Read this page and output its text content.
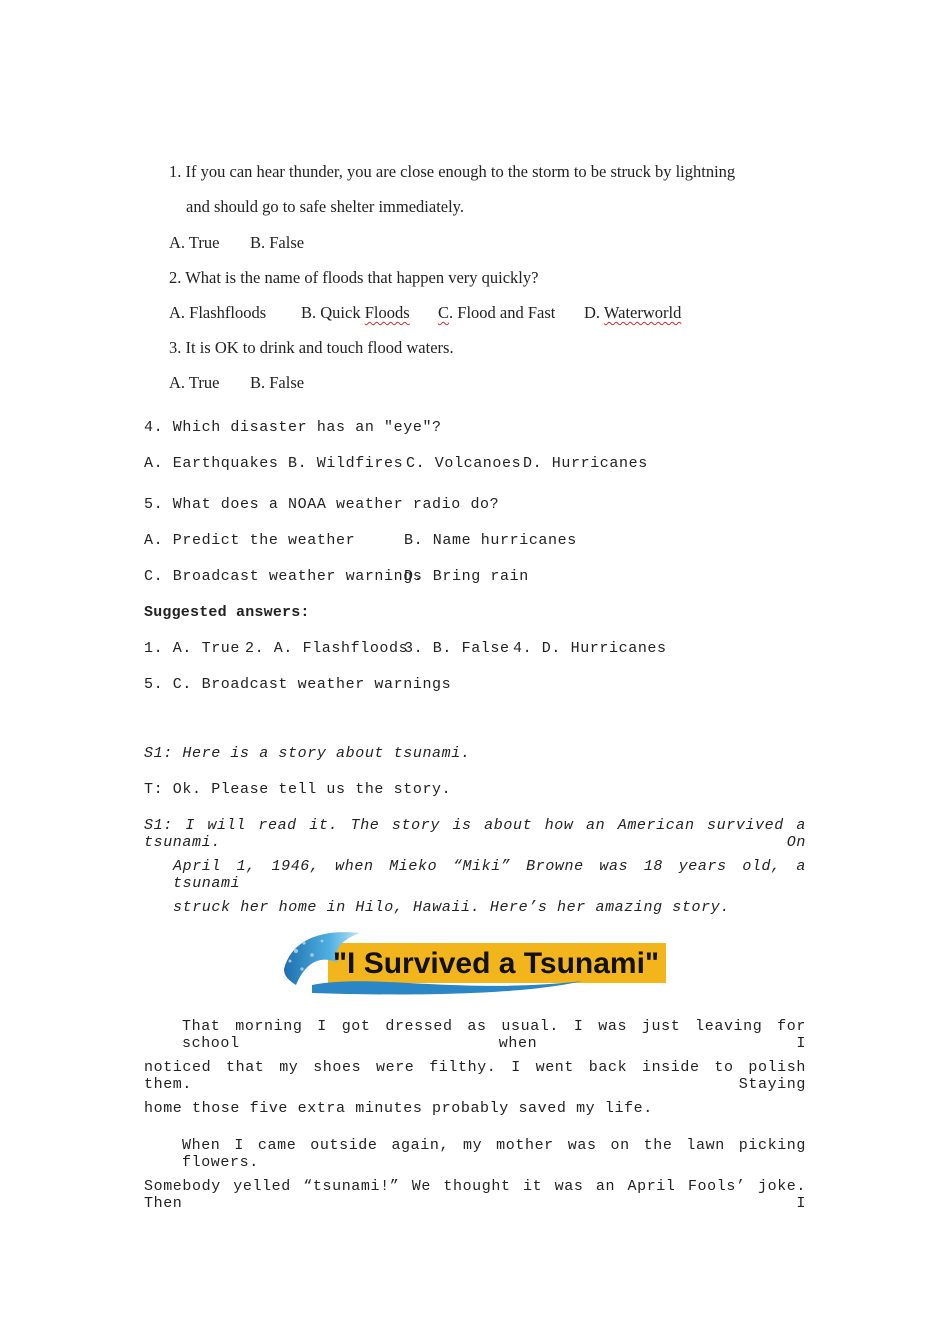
1. If you can hear thunder, you are close enough to the storm to be struck by lightning
and should go to safe shelter immediately.
A. True B. False
2. What is the name of floods that happen very quickly?
A. Flashfloods B. Quick Floods C. Flood and Fast D. Waterworld
3. It is OK to drink and touch flood waters.
A. True B. False
4. Which disaster has an "eye"?
A. Earthquakes B. Wildfires C. Volcanoes D. Hurricanes
5. What does a NOAA weather radio do?
A. Predict the weather	B. Name hurricanes
C. Broadcast weather warnings
D. Bring rain
Suggested answers:
1. A. True 2. A. Flashfloods
3. B. False 4. D. Hurricanes
5. C. Broadcast weather warnings
S1: Here is a story about tsunami.
T: Ok. Please tell us the story.
S1: I will read it. The story is about how an American survived a tsunami. On
April 1, 1946, when Mieko “Miki” Browne was 18 years old, a tsunami
struck her home in Hilo, Hawaii. Here’s her amazing story.
"I Survived a Tsunami"
That morning I got dressed as usual. I was just leaving for school when I
noticed that my shoes were filthy. I went back inside to polish them. Staying
home those five extra minutes probably saved my life.
When I came outside again, my mother was on the lawn picking flowers.
Somebody yelled “tsunami!” We thought it was an April Fools’ joke. Then I
